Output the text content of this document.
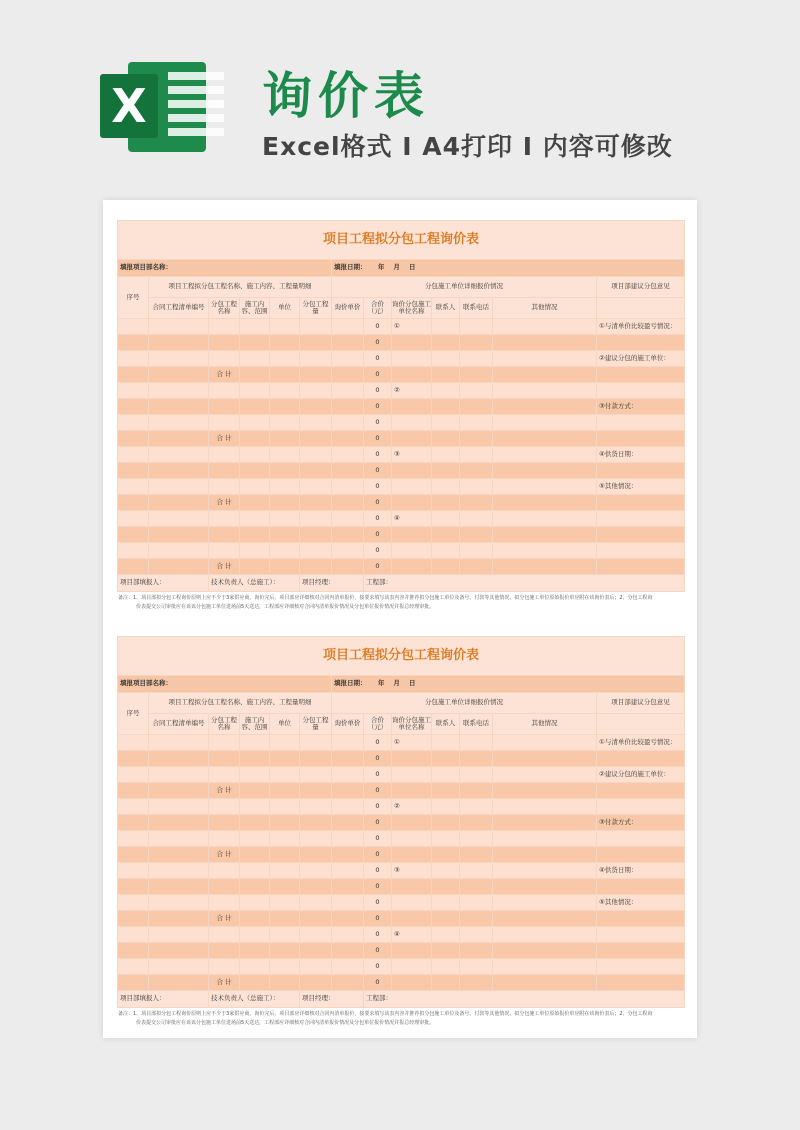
X 询价表
Excel格式 I A4打印 I 内容可修改
项目工程拟分包工程询价表												
填报项目部名称：						填报日期： 年 月 日						
序号	项目工程拟分包工程名称、施工内容、工程量明细					分包施工单位详细报价情况						项目部建议分包意见
	合同工程清单编号	分包工程名称	施工内容、范围	单位	分包工程量	询价单价	合价（元）	询价分包施工单位名称	联系人	联系电话	其他情况	
							0	①				①与清单价比较盈亏情况：
							0					
							0					②建议分包的施工单位：
		合 计					0					
							0	②				
							0					③付款方式：
							0					
		合 计					0					
							0	③				④供货日期：
							0					
							0					⑤其他情况：
		合 计					0					
							0	④				
							0					
							0					
		合 计					0					
项目部填报人：		技术负责人（总施工）：			项目经理：		工程部：					
备注：1、项目部拟分包工程询价原则上应不少于3家供应商，询价完后，项目部应详细核对合同内清单报价，接要求填写该表内容并推荐拟分包施工单位及备号，付款等其他情况，拟分包施工单位原始报价单应附在该询价表后；2、分包工程询
价表提交公司审批应在该该分包施工单位进场前5天送达，工程部应详细核对合同内清单报价情况及分包单位报价情况并报总经理审批。
项目工程拟分包工程询价表												
填报项目部名称：						填报日期： 年 月 日						
序号	项目工程拟分包工程名称、施工内容、工程量明细					分包施工单位详细报价情况						项目部建议分包意见
	合同工程清单编号	分包工程名称	施工内容、范围	单位	分包工程量	询价单价	合价（元）	询价分包施工单位名称	联系人	联系电话	其他情况	
							0	①				①与清单价比较盈亏情况：
							0					
							0					②建议分包的施工单位：
		合 计					0					
							0	②				
							0					③付款方式：
							0					
		合 计					0					
							0	③				④供货日期：
							0					
							0					⑤其他情况：
		合 计					0					
							0	④				
							0					
							0					
		合 计					0					
项目部填报人：		技术负责人（总施工）：			项目经理：		工程部：					
备注：1、项目部拟分包工程询价原则上应不少于3家供应商，询价完后，项目部应详细核对合同内清单报价，接要求填写该表内容并推荐拟分包施工单位及备号，付款等其他情况，拟分包施工单位原始报价单应附在该询价表后；2、分包工程询
价表提交公司审批应在该该分包施工单位进场前5天送达，工程部应详细核对合同内清单报价情况及分包单位报价情况并报总经理审批。
